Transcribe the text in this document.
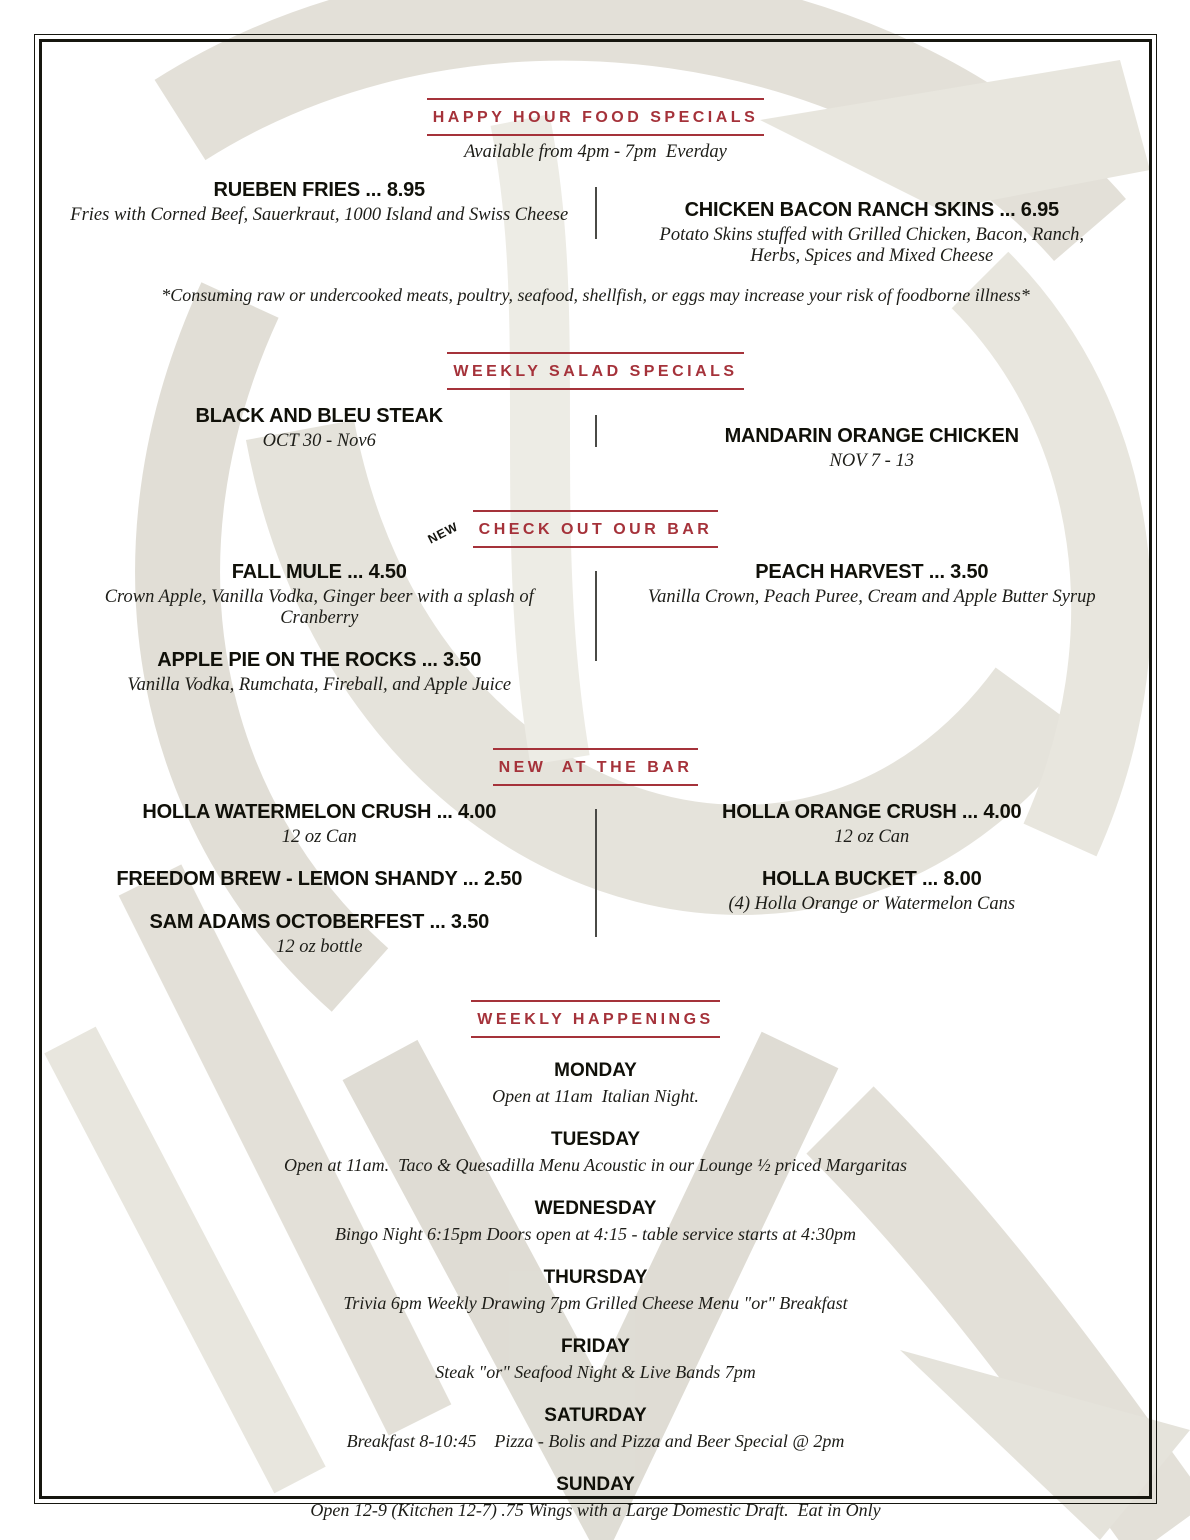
HAPPY HOUR FOOD SPECIALS
Available from 4pm - 7pm  Everday
RUEBEN FRIES ... 8.95
Fries with Corned Beef, Sauerkraut, 1000 Island and Swiss Cheese	CHICKEN BACON RANCH SKINS ... 6.95
Potato Skins stuffed with Grilled Chicken, Bacon, Ranch, Herbs, Spices and Mixed Cheese
*Consuming raw or undercooked meats, poultry, seafood, shellfish, or eggs may increase your risk of foodborne illness*
WEEKLY SALAD SPECIALS
BLACK AND BLEU STEAK
OCT 30 - Nov6	MANDARIN ORANGE CHICKEN
NOV 7 - 13
NEW CHECK OUT OUR BAR
FALL MULE ... 4.50
Crown Apple, Vanilla Vodka, Ginger beer with a splash of Cranberry
APPLE PIE ON THE ROCKS ... 3.50
Vanilla Vodka, Rumchata, Fireball, and Apple Juice
PEACH HARVEST ... 3.50
Vanilla Crown, Peach Puree, Cream and Apple Butter Syrup
NEW  AT THE BAR
HOLLA WATERMELON CRUSH ... 4.00
12 oz Can
FREEDOM BREW - LEMON SHANDY ... 2.50
SAM ADAMS OCTOBERFEST ... 3.50
12 oz bottle
HOLLA ORANGE CRUSH ... 4.00
12 oz Can
HOLLA BUCKET ... 8.00
(4) Holla Orange or Watermelon Cans
WEEKLY HAPPENINGS
MONDAY
Open at 11am  Italian Night.
TUESDAY
Open at 11am.  Taco & Quesadilla Menu Acoustic in our Lounge ½ priced Margaritas
WEDNESDAY
Bingo Night 6:15pm Doors open at 4:15 - table service starts at 4:30pm
THURSDAY
Trivia 6pm Weekly Drawing 7pm Grilled Cheese Menu "or" Breakfast
FRIDAY
Steak "or" Seafood Night & Live Bands 7pm
SATURDAY
Breakfast 8-10:45    Pizza - Bolis and Pizza and Beer Special @ 2pm
SUNDAY
Open 12-9 (Kitchen 12-7) .75 Wings with a Large Domestic Draft.  Eat in Only
